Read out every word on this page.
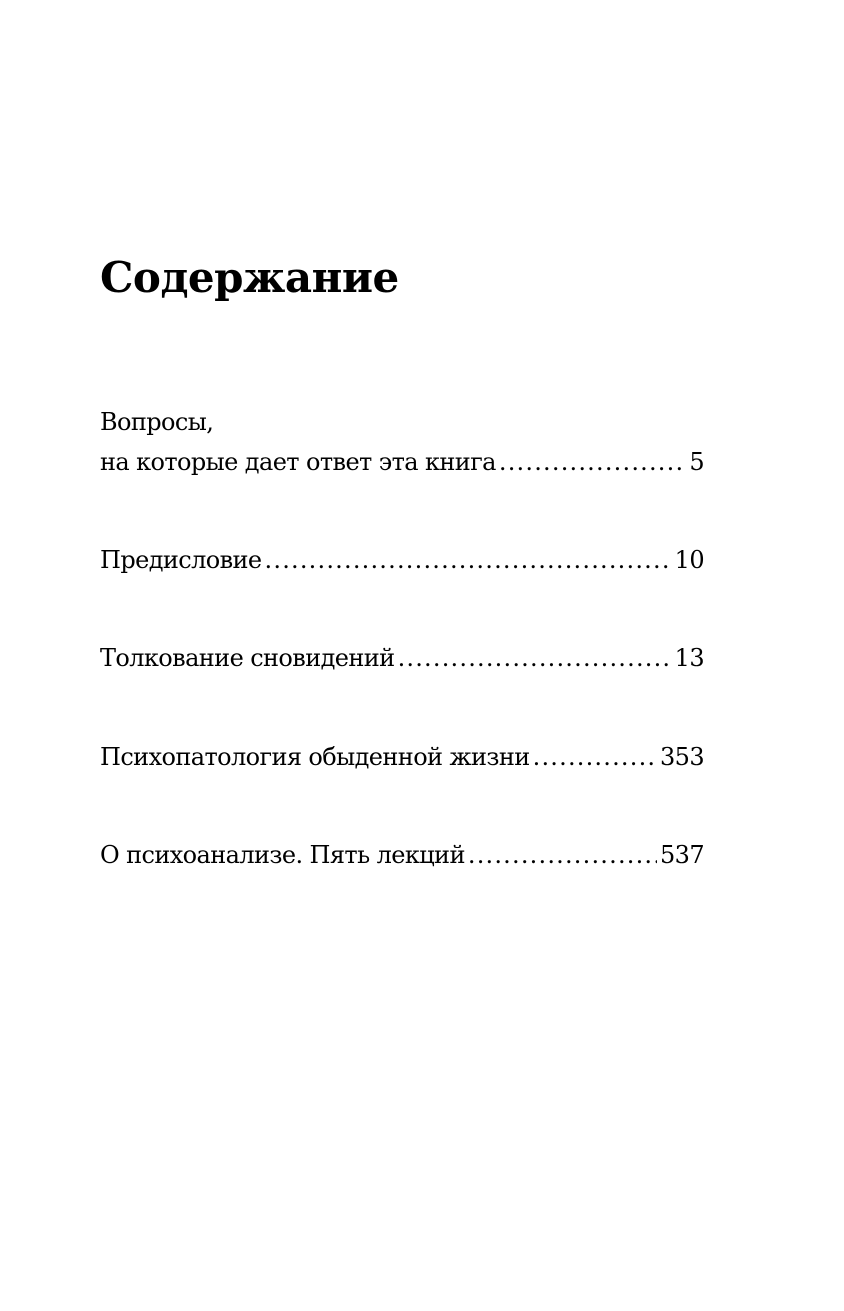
Содержание
Вопросы,
на которые дает ответ эта книга .....	5
Предисловие .....	10
Толкование сновидений .....	13
Психопатология обыденной жизни .....	353
О психоанализе. Пять лекций .....	537
